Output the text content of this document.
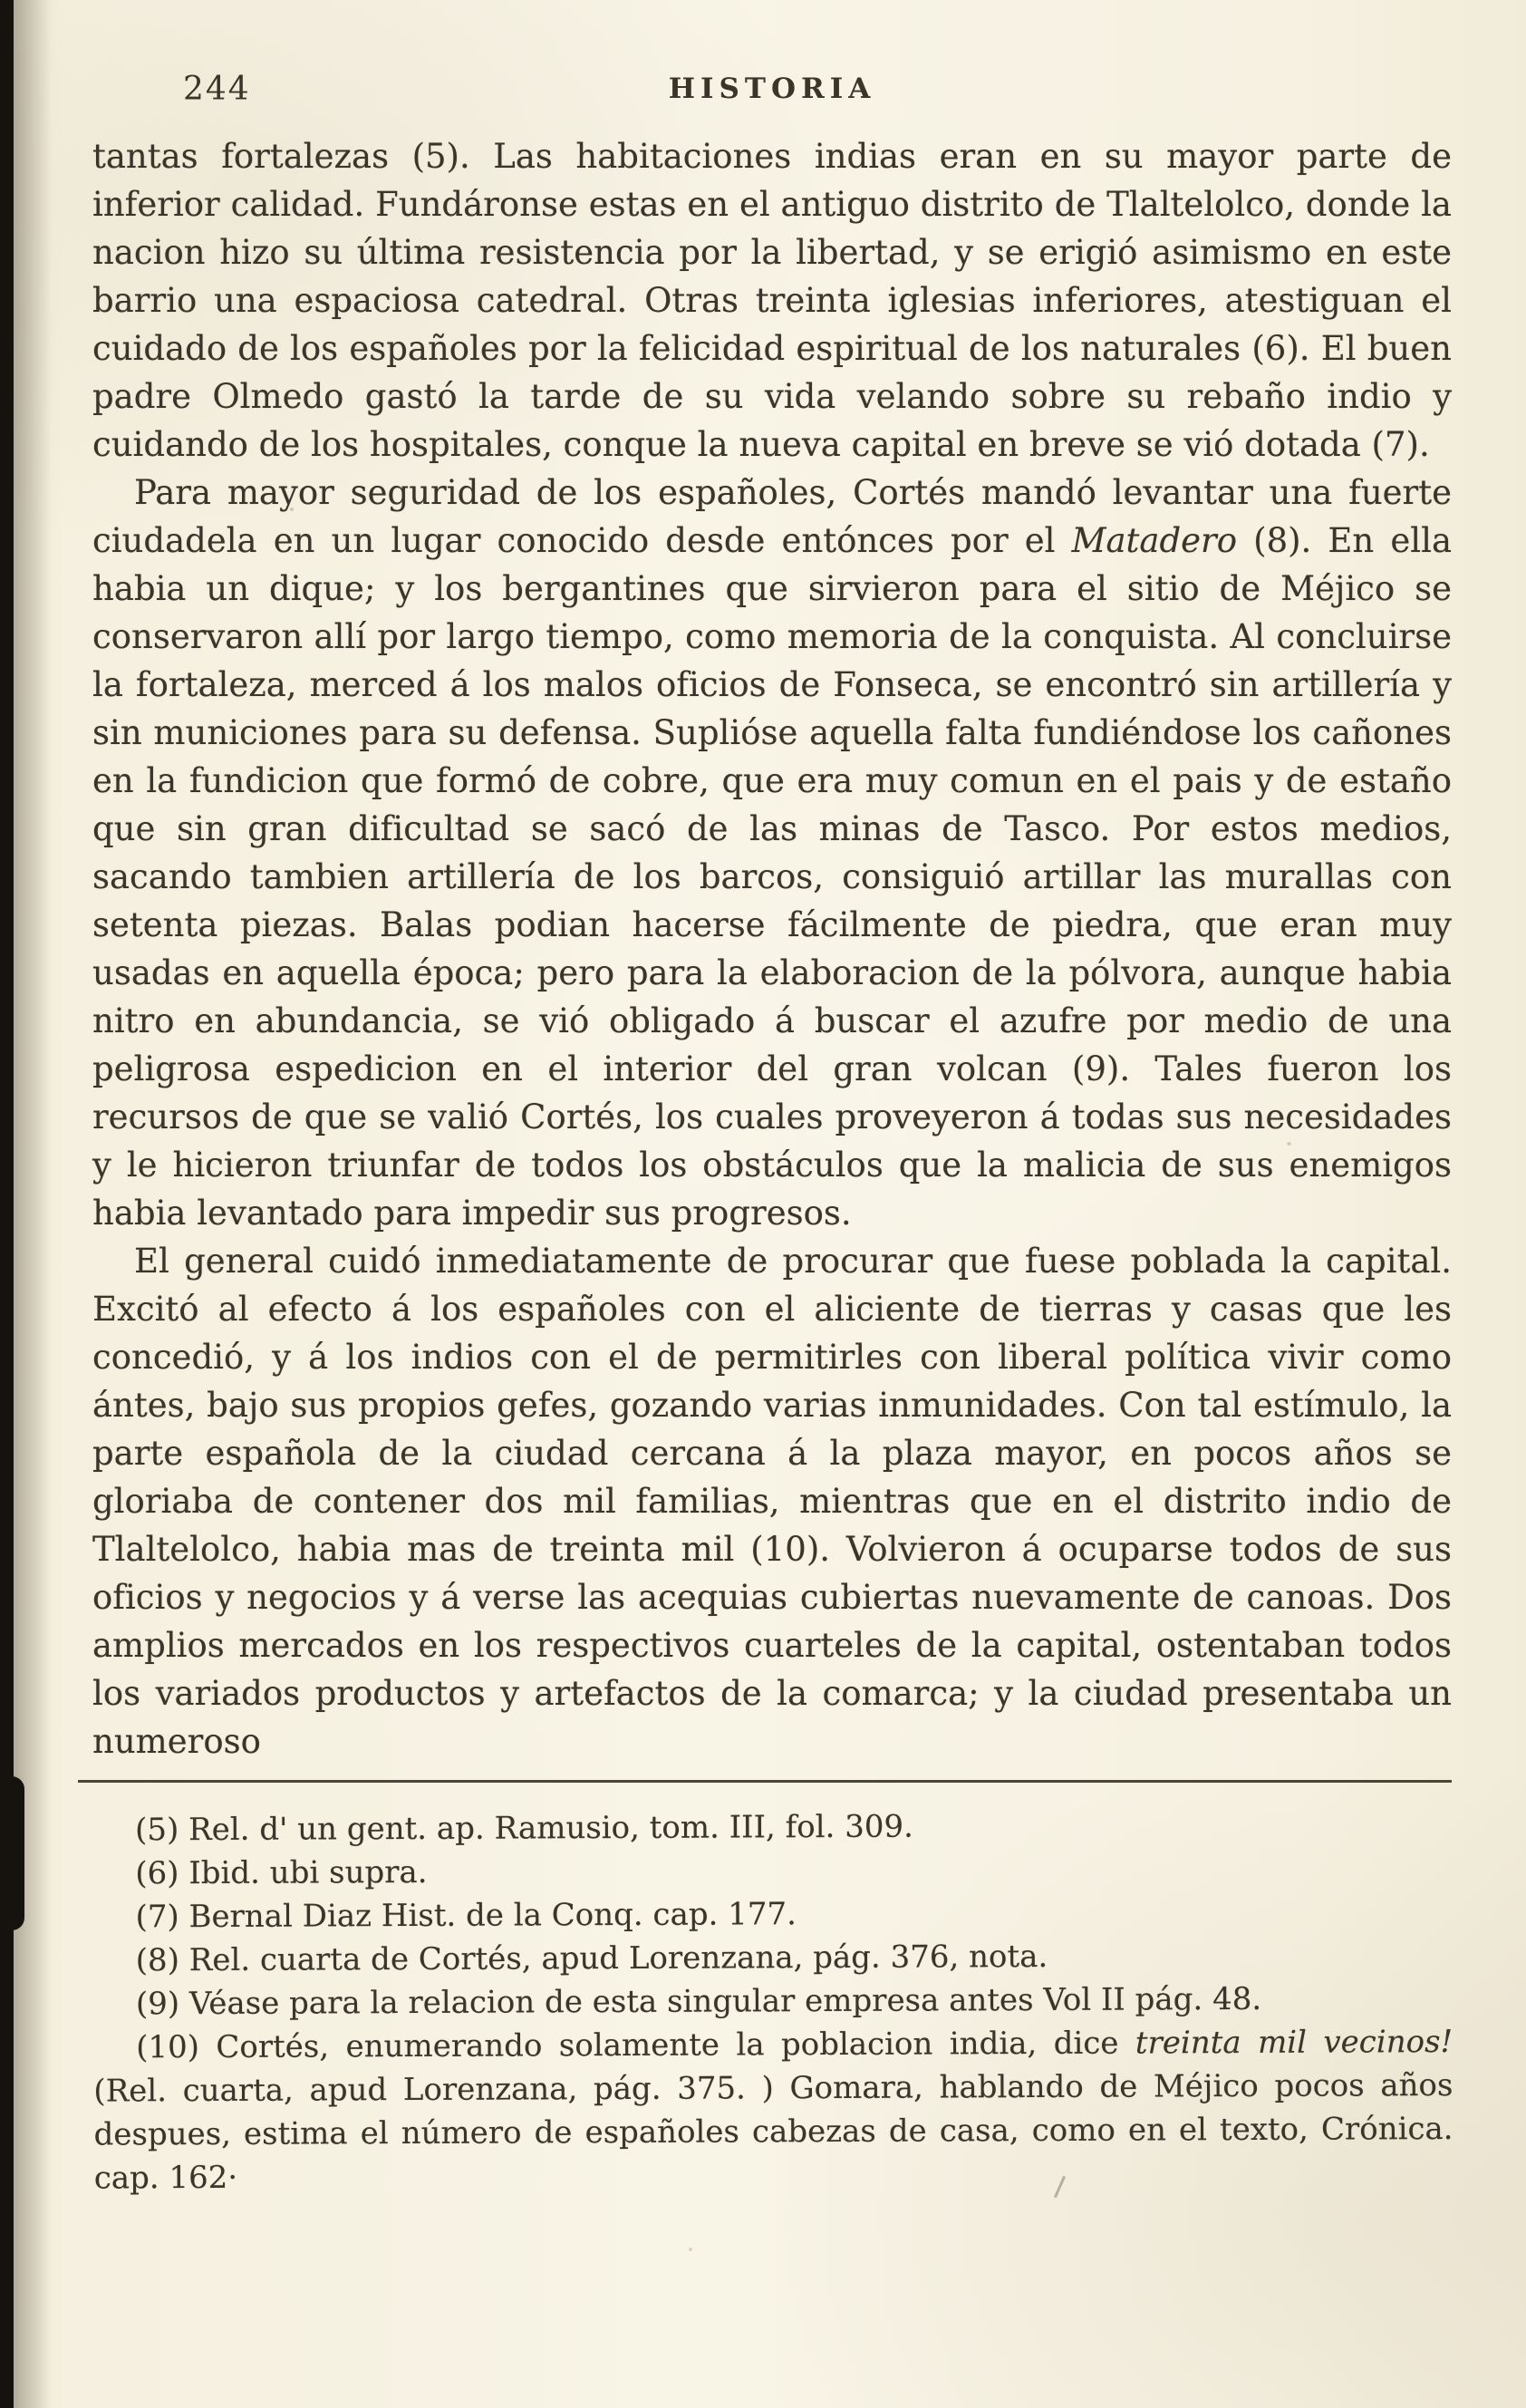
244	HISTORIA

tantas fortalezas (5). Las habitaciones indias eran en su mayor parte de inferior calidad. Fundáronse estas en el antiguo distrito de Tlaltelolco, donde la nacion hizo su última resistencia por la libertad, y se erigió asimismo en este barrio una espaciosa catedral. Otras treinta iglesias inferiores, atestiguan el cuidado de los españoles por la felicidad espiritual de los naturales (6). El buen padre Olmedo gastó la tarde de su vida velando sobre su rebaño indio y cuidando de los hospitales, conque la nueva capital en breve se vió dotada (7).

Para mayor seguridad de los españoles, Cortés mandó levantar una fuerte ciudadela en un lugar conocido desde entónces por el Matadero (8). En ella habia un dique; y los bergantines que sirvieron para el sitio de Méjico se conservaron allí por largo tiempo, como memoria de la conquista. Al concluirse la fortaleza, merced á los malos oficios de Fonseca, se encontró sin artillería y sin municiones para su defensa. Suplióse aquella falta fundiéndose los cañones en la fundicion que formó de cobre, que era muy comun en el pais y de estaño que sin gran dificultad se sacó de las minas de Tasco. Por estos medios, sacando tambien artillería de los barcos, consiguió artillar las murallas con setenta piezas. Balas podian hacerse fácilmente de piedra, que eran muy usadas en aquella época; pero para la elaboracion de la pólvora, aunque habia nitro en abundancia, se vió obligado á buscar el azufre por medio de una peligrosa espedicion en el interior del gran volcan (9). Tales fueron los recursos de que se valió Cortés, los cuales proveyeron á todas sus necesidades y le hicieron triunfar de todos los obstáculos que la malicia de sus enemigos habia levantado para impedir sus progresos.

El general cuidó inmediatamente de procurar que fuese poblada la capital. Excitó al efecto á los españoles con el aliciente de tierras y casas que les concedió, y á los indios con el de permitirles con liberal política vivir como ántes, bajo sus propios gefes, gozando varias inmunidades. Con tal estímulo, la parte española de la ciudad cercana á la plaza mayor, en pocos años se gloriaba de contener dos mil familias, mientras que en el distrito indio de Tlaltelolco, habia mas de treinta mil (10). Volvieron á ocuparse todos de sus oficios y negocios y á verse las acequias cubiertas nuevamente de canoas. Dos amplios mercados en los respectivos cuarteles de la capital, ostentaban todos los variados productos y artefactos de la comarca; y la ciudad presentaba un numeroso

(5) Rel. d' un gent. ap. Ramusio, tom. III, fol. 309.

(6) Ibid. ubi supra.

(7) Bernal Diaz Hist. de la Conq. cap. 177.

(8) Rel. cuarta de Cortés, apud Lorenzana, pág. 376, nota.

(9) Véase para la relacion de esta singular empresa antes Vol II pág. 48.

(10) Cortés, enumerando solamente la poblacion india, dice treinta mil vecinos! (Rel. cuarta, apud Lorenzana, pág. 375. ) Gomara, hablando de Méjico pocos años despues, estima el número de españoles cabezas de casa, como en el texto, Crónica. cap. 162·
